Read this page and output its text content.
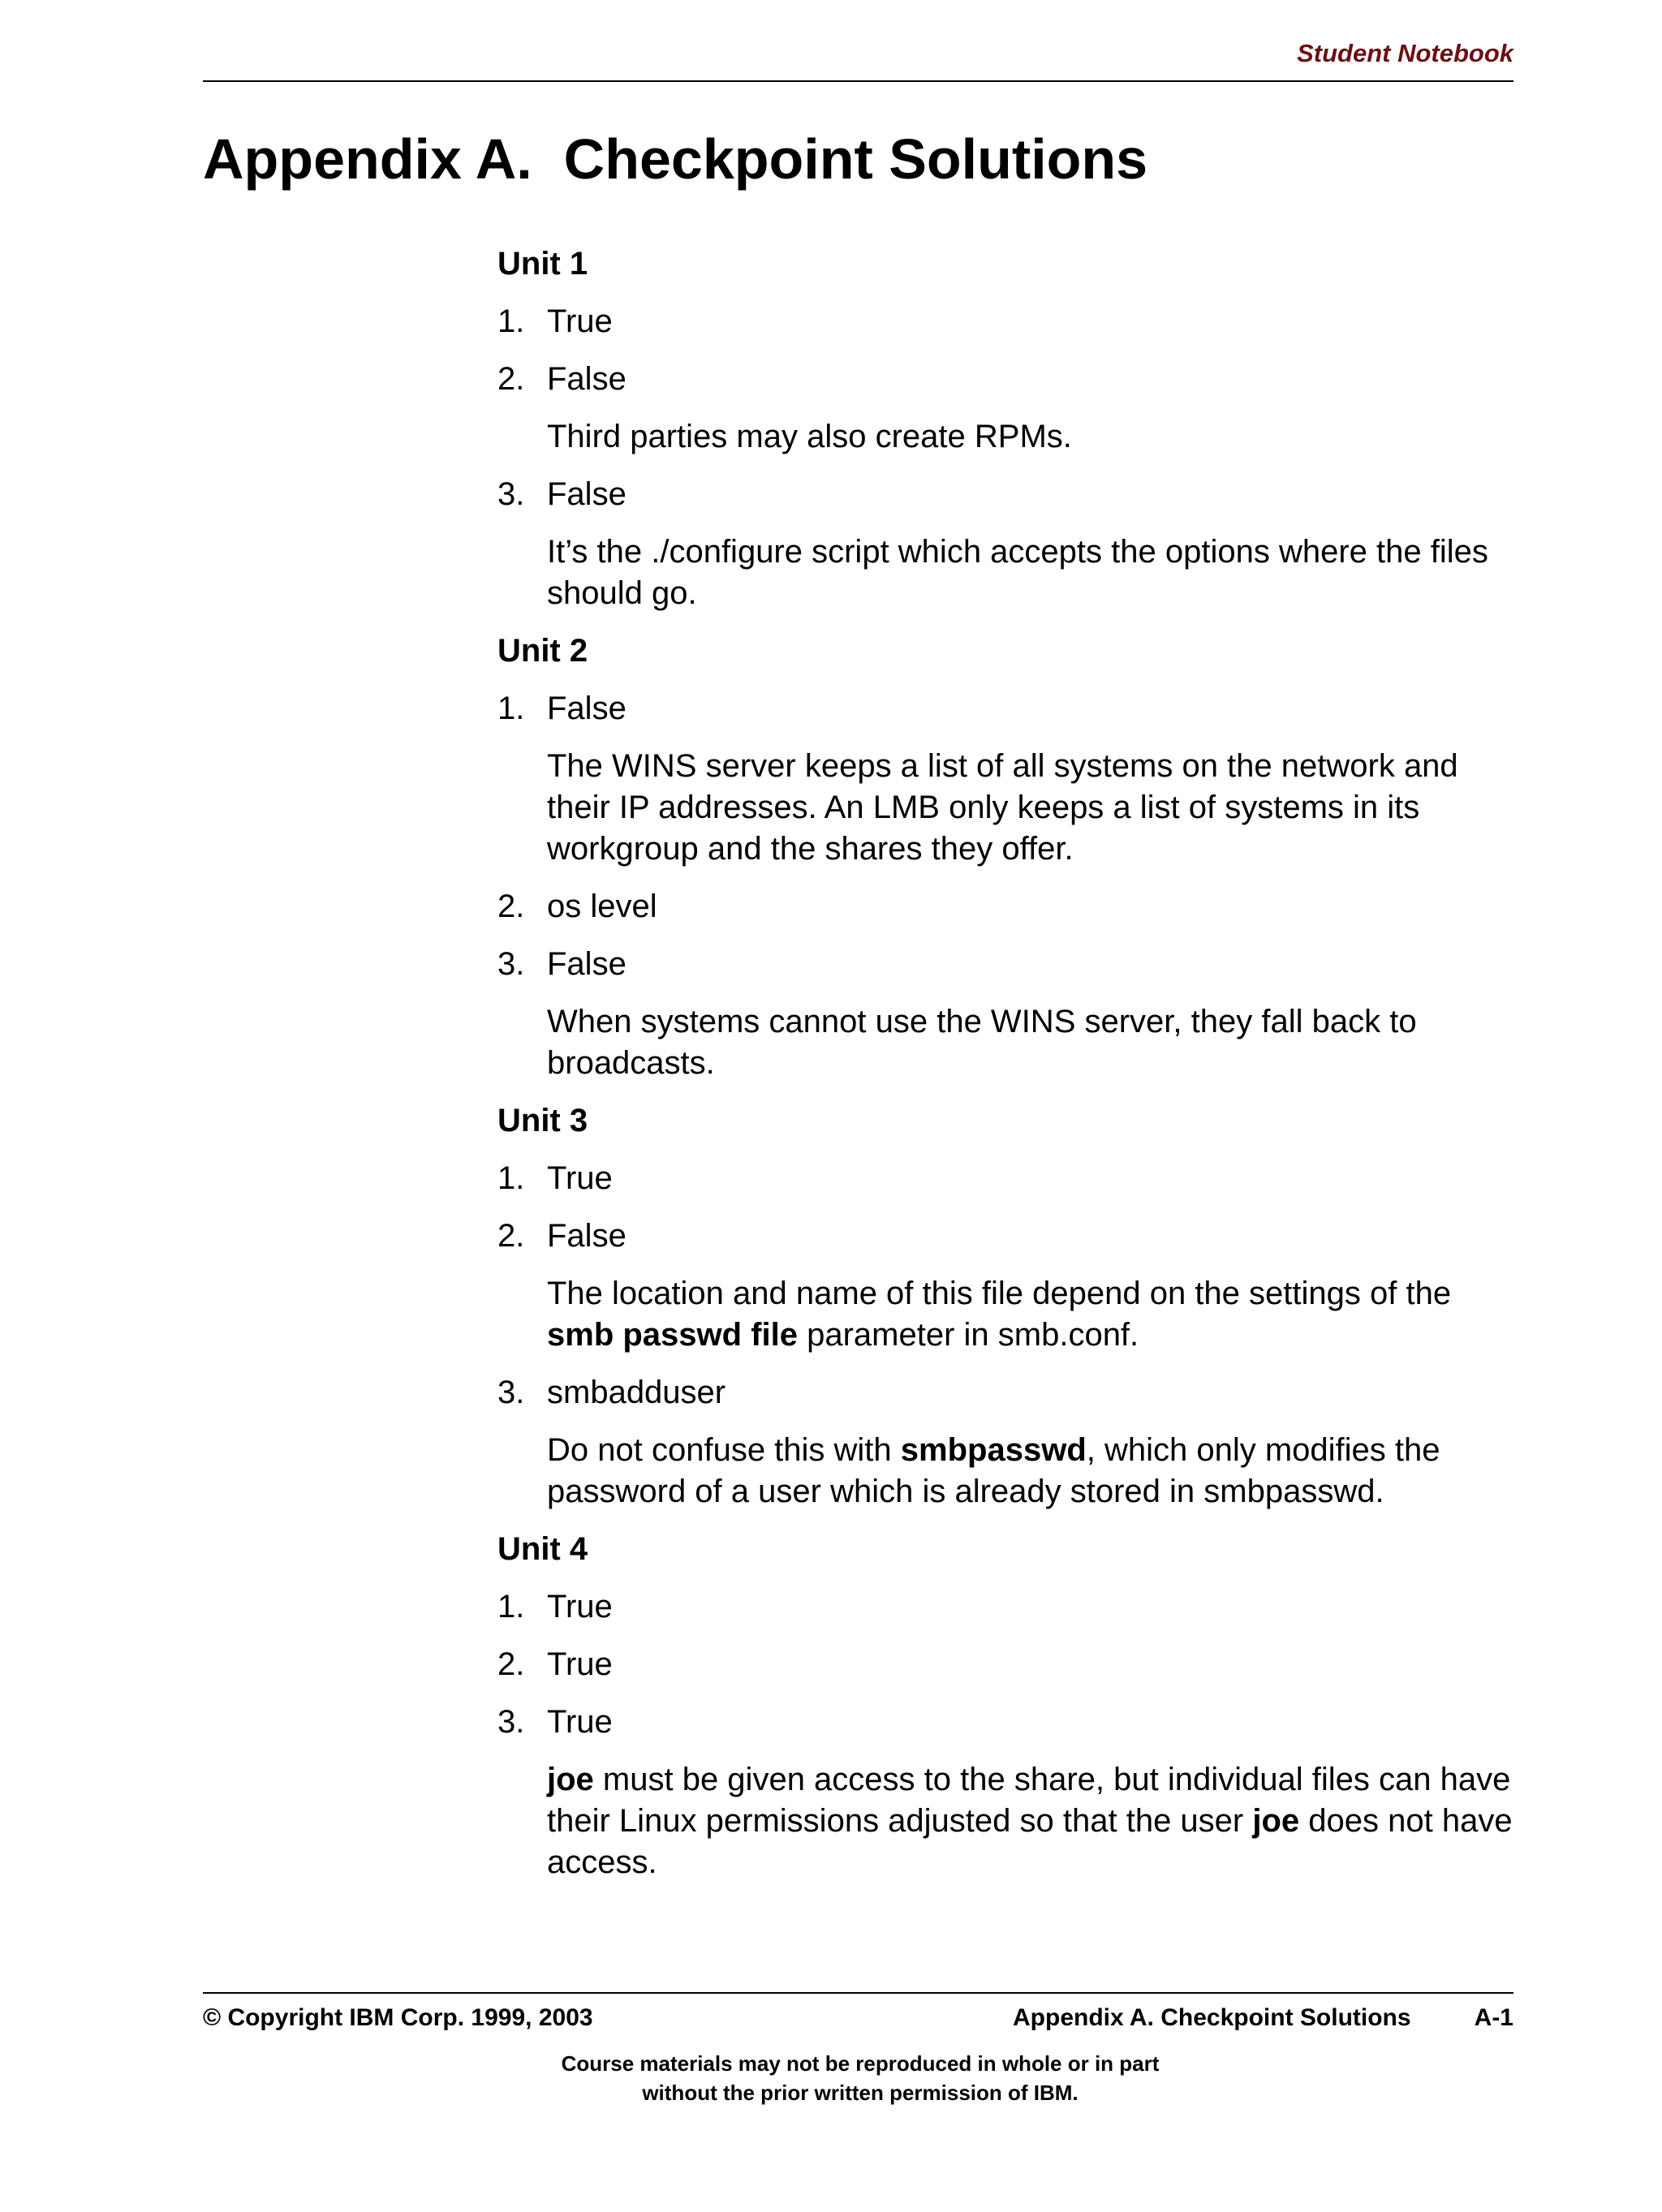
Student Notebook
Appendix A.  Checkpoint Solutions
Unit 1
1. True
2. False
Third parties may also create RPMs.
3. False
It’s the ./configure script which accepts the options where the files should go.
Unit 2
1. False
The WINS server keeps a list of all systems on the network and their IP addresses. An LMB only keeps a list of systems in its workgroup and the shares they offer.
2. os level
3. False
When systems cannot use the WINS server, they fall back to broadcasts.
Unit 3
1. True
2. False
The location and name of this file depend on the settings of the smb passwd file parameter in smb.conf.
3. smbadduser
Do not confuse this with smbpasswd, which only modifies the password of a user which is already stored in smbpasswd.
Unit 4
1. True
2. True
3. True
joe must be given access to the share, but individual files can have their Linux permissions adjusted so that the user joe does not have access.
© Copyright IBM Corp. 1999, 2003	Appendix A. Checkpoint Solutions	A-1
Course materials may not be reproduced in whole or in part
without the prior written permission of IBM.
